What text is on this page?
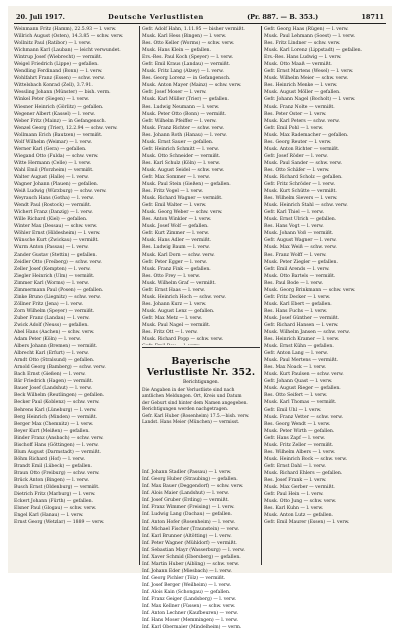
20. Juli 1917.	Deutsche Verlustlisten	(Pr. 887. — B. 353.)	18711
Weinmann Fritz (Hamm), 22.5.93 — l. verw.
Willrich August (Osten), 14.3.85 — schw. verw.
Wollnitz Paul (Ratibor) — l. verw.
Wichmann Karl (Lauban) — leicht verwundet.
Wintrup Josef (Wiebrecht) — vermißt.
Weigel Friedrich (Lippe) — gefallen.
Wendling Ferdinand (Bonn) — l. verw.
Wohlfahrt Franz (Essen) — schw. verw.
Wittelsbach Konrad (Zell), 3.7.91.
Wessling Johann (Münster) — bish. verm.
Winkel Peter (Siegen) — l. verw.
Wiesner Heinrich (Görlitz) — gefallen.
Wegener Albert (Kassel) — l. verw.
Weber Fritz (Mainz) — in Gefangensch.
Wenzel Georg (Trier), 12.2.94 — schw. verw.
Wollmann Erich (Bautzen) — vermißt.
Wolf Wilhelm (Weimar) — l. verw.
Werner Karl (Gera) — gefallen.
Wiegand Otto (Fulda) — schw. verw.
Witte Hermann (Celle) — l. verw.
Wahl Emil (Pforzheim) — vermißt.
Walter August (Halle) — l. verw.
Wagner Johann (Plauen) — gefallen.
Weiß Ludwig (Würzburg) — schw. verw.
Weyrauch Hans (Gotha) — l. verw.
Wendt Paul (Rostock) — vermißt.
Wichert Franz (Danzig) — l. verw.
Wille Richard (Kiel) — gefallen.
Winter Max (Dessau) — schw. verw.
Wöhler Ernst (Hildesheim) — l. verw.
Wünsche Kurt (Zwickau) — vermißt.
Wurm Anton (Passau) — l. verw.
Zander Gustav (Stettin) — gefallen.
Zeidler Otto (Freiberg) — schw. verw.
Zeller Josef (Kempten) — l. verw.
Ziegler Heinrich (Ulm) — vermißt.
Zimmer Karl (Worms) — l. verw.
Zimmermann Paul (Posen) — gefallen.
Zinke Bruno (Liegnitz) — schw. verw.
Zöllner Fritz (Jena) — l. verw.
Zorn Wilhelm (Speyer) — vermißt.
Zuber Franz (Landau) — l. verw.
Zwick Adolf (Neuss) — gefallen.
Abel Hans (Aachen) — schw. verw.
Adam Peter (Köln) — l. verw.
Albers Johann (Bremen) — vermißt.
Albrecht Karl (Erfurt) — l. verw.
Arndt Otto (Stralsund) — gefallen.
Arnold Georg (Bamberg) — schw. verw.
Bach Ernst (Gießen) — l. verw.
Bär Friedrich (Hagen) — vermißt.
Bauer Josef (Landshut) — l. verw.
Beck Wilhelm (Reutlingen) — gefallen.
Becker Paul (Koblenz) — schw. verw.
Behrens Karl (Lüneburg) — l. verw.
Berg Heinrich (Minden) — vermißt.
Berger Max (Chemnitz) — l. verw.
Beyer Kurt (Meißen) — gefallen.
Binder Franz (Ansbach) — schw. verw.
Bischoff Hans (Göttingen) — l. verw.
Blum August (Darmstadt) — vermißt.
Böhm Richard (Hof) — l. verw.
Brandt Emil (Lübeck) — gefallen.
Braun Otto (Freiburg) — schw. verw.
Brück Anton (Bingen) — l. verw.
Busch Ernst (Oldenburg) — vermißt.
Dietrich Fritz (Marburg) — l. verw.
Eckert Johann (Fürth) — gefallen.
Elsner Paul (Glogau) — schw. verw.
Engel Karl (Hanau) — l. verw.
Ernst Georg (Wetzlar) — 1889 — verw.
Gefr. Adolf Hahn, 1.11.95 — bisher vermißt.
Musk. Karl Hess (Bingen) — l. verw.
Res. Otto Keller (Worms) — schw. verw.
Musk. Hans Klein — gefallen.
Ers.-Res. Paul Koch (Speyer) — l. verw.
Gefr. Emil Kraus (Landau) — vermißt.
Musk. Fritz Lang (Alzey) — l. verw.
Res. Georg Lorenz — in Gefangensch.
Musk. Anton Mayer (Mainz) — schw. verw.
Gefr. Josef Moser — l. verw.
Musk. Karl Müller (Trier) — gefallen.
Res. Ludwig Neumann — l. verw.
Musk. Peter Otto (Bonn) — vermißt.
Gefr. Wilhelm Pfeiffer — l. verw.
Musk. Franz Richter — schw. verw.
Res. Johann Roth (Hanau) — l. verw.
Musk. Ernst Sauer — gefallen.
Gefr. Heinrich Schmitt — l. verw.
Musk. Otto Schneider — vermißt.
Res. Karl Schulz (Köln) — l. verw.
Musk. August Seidel — schw. verw.
Gefr. Max Sommer — l. verw.
Musk. Paul Stein (Gießen) — gefallen.
Res. Fritz Vogel — l. verw.
Musk. Richard Wagner — vermißt.
Gefr. Emil Walter — l. verw.
Musk. Georg Weber — schw. verw.
Res. Anton Winkler — l. verw.
Musk. Josef Wolf — gefallen.
Gefr. Kurt Zimmer — l. verw.
Musk. Hans Adler — vermißt.
Res. Ludwig Baum — l. verw.
Musk. Karl Dorn — schw. verw.
Gefr. Peter Egger — l. verw.
Musk. Franz Fink — gefallen.
Res. Otto Frey — l. verw.
Musk. Wilhelm Graf — vermißt.
Gefr. Ernst Haas — l. verw.
Musk. Heinrich Hoch — schw. verw.
Res. Johann Kurz — l. verw.
Musk. August Lenz — gefallen.
Gefr. Max Metz — l. verw.
Musk. Paul Nagel — vermißt.
Res. Fritz Ott — l. verw.
Musk. Richard Popp — schw. verw.
Inf. Johann Stadler (Passau) — l. verw.
Inf. Georg Huber (Straubing) — gefallen.
Inf. Max Bauer (Deggendorf) — schw. verw.
Inf. Alois Maier (Landshut) — l. verw.
Inf. Josef Gruber (Erding) — vermißt.
Inf. Franz Wimmer (Freising) — l. verw.
Inf. Ludwig Lang (Dachau) — gefallen.
Inf. Anton Hofer (Rosenheim) — l. verw.
Inf. Michael Fischer (Traunstein) — verw.
Inf. Karl Brunner (Altötting) — l. verw.
Inf. Peter Wagner (Mühldorf) — vermißt.
Inf. Sebastian Mayr (Wasserburg) — l. verw.
Inf. Xaver Schmid (Ebersberg) — gefallen.
Inf. Martin Huber (Aibling) — schw. verw.
Inf. Johann Eder (Miesbach) — l. verw.
Inf. Georg Pichler (Tölz) — vermißt.
Inf. Josef Berger (Weilheim) — l. verw.
Inf. Alois Kain (Schongau) — gefallen.
Inf. Franz Geiger (Landsberg) — l. verw.
Inf. Max Kellner (Füssen) — schw. verw.
Inf. Anton Lechner (Kaufbeuren) — verw.
Inf. Hans Moser (Memmingen) — l. verw.
Inf. Karl Obermaier (Mindelheim) — verm.
Gefr. Georg Haas (Rügen) — l. verw.
Musk. Paul Lehmann (Soest) — l. verw.
Res. Fritz Lindner — schw. verw.
Musk. Karl Lorenz (Lippstadt) — gefallen.
Ers.-Res. Hans Ludwig — l. verw.
Musk. Otto Maaß — vermißt.
Gefr. Ernst Martens (Wesel) — l. verw.
Musk. Wilhelm Meier — schw. verw.
Res. Heinrich Menke — l. verw.
Musk. August Möller — gefallen.
Gefr. Johann Nagel (Bocholt) — l. verw.
Musk. Franz Nolte — vermißt.
Res. Peter Oster — l. verw.
Musk. Karl Peters — schw. verw.
Gefr. Emil Pohl — l. verw.
Musk. Max Rademacher — gefallen.
Res. Georg Reuter — l. verw.
Musk. Anton Richter — vermißt.
Gefr. Josef Röder — l. verw.
Musk. Paul Sander — schw. verw.
Res. Otto Schäfer — l. verw.
Musk. Richard Scholz — gefallen.
Gefr. Fritz Schröder — l. verw.
Musk. Kurt Schütte — vermißt.
Res. Wilhelm Sievers — l. verw.
Musk. Heinrich Stahl — schw. verw.
Gefr. Karl Thiel — l. verw.
Musk. Ernst Ulrich — gefallen.
Res. Hans Vogt — l. verw.
Musk. Johann Voß — vermißt.
Gefr. August Wagner — l. verw.
Musk. Max Weiß — schw. verw.
Res. Franz Wolff — l. verw.
Musk. Peter Ziegler — gefallen.
Gefr. Emil Arends — l. verw.
Musk. Otto Bartels — vermißt.
Res. Paul Bode — l. verw.
Musk. Georg Brinkmann — schw. verw.
Gefr. Fritz Decker — l. verw.
Musk. Karl Ebert — gefallen.
Res. Hans Fuchs — l. verw.
Musk. Josef Günther — vermißt.
Gefr. Richard Hansen — l. verw.
Musk. Wilhelm Jansen — schw. verw.
Res. Heinrich Kramer — l. verw.
Musk. Ernst Kühn — gefallen.
Gefr. Anton Lang — l. verw.
Musk. Paul Mertens — vermißt.
Res. Max Noack — l. verw.
Musk. Kurt Paulsen — schw. verw.
Gefr. Johann Quast — l. verw.
Musk. August Rieger — gefallen.
Res. Otto Seifert — l. verw.
Musk. Karl Thomas — vermißt.
Gefr. Emil Uhl — l. verw.
Musk. Franz Vetter — schw. verw.
Res. Georg Wendt — l. verw.
Musk. Peter Wirth — gefallen.
Gefr. Hans Zapf — l. verw.
Musk. Fritz Zeller — vermißt.
Res. Wilhelm Albers — l. verw.
Musk. Heinrich Bock — schw. verw.
Gefr. Ernst Dahl — l. verw.
Musk. Richard Ehlers — gefallen.
Res. Josef Frank — l. verw.
Musk. Max Gerber — vermißt.
Gefr. Paul Hein — l. verw.
Musk. Otto Jung — schw. verw.
Res. Karl Kuhn — l. verw.
Musk. Anton Lutz — gefallen.
Gefr. Emil Maurer (Essen) — l. verw.
Bayerische Verlustliste Nr. 352.
Berichtigungen.
Die Angaben in der Verlustliste sind nach
amtlichen Meldungen. Ort, Kreis und Datum
der Geburt sind hinter dem Namen angegeben.
Berichtigungen werden nachgetragen.
Gefr. Karl Huber (Rosenheim) 17.5.—bish. verw.
Landst. Hans Meier (München) — vermisst.
